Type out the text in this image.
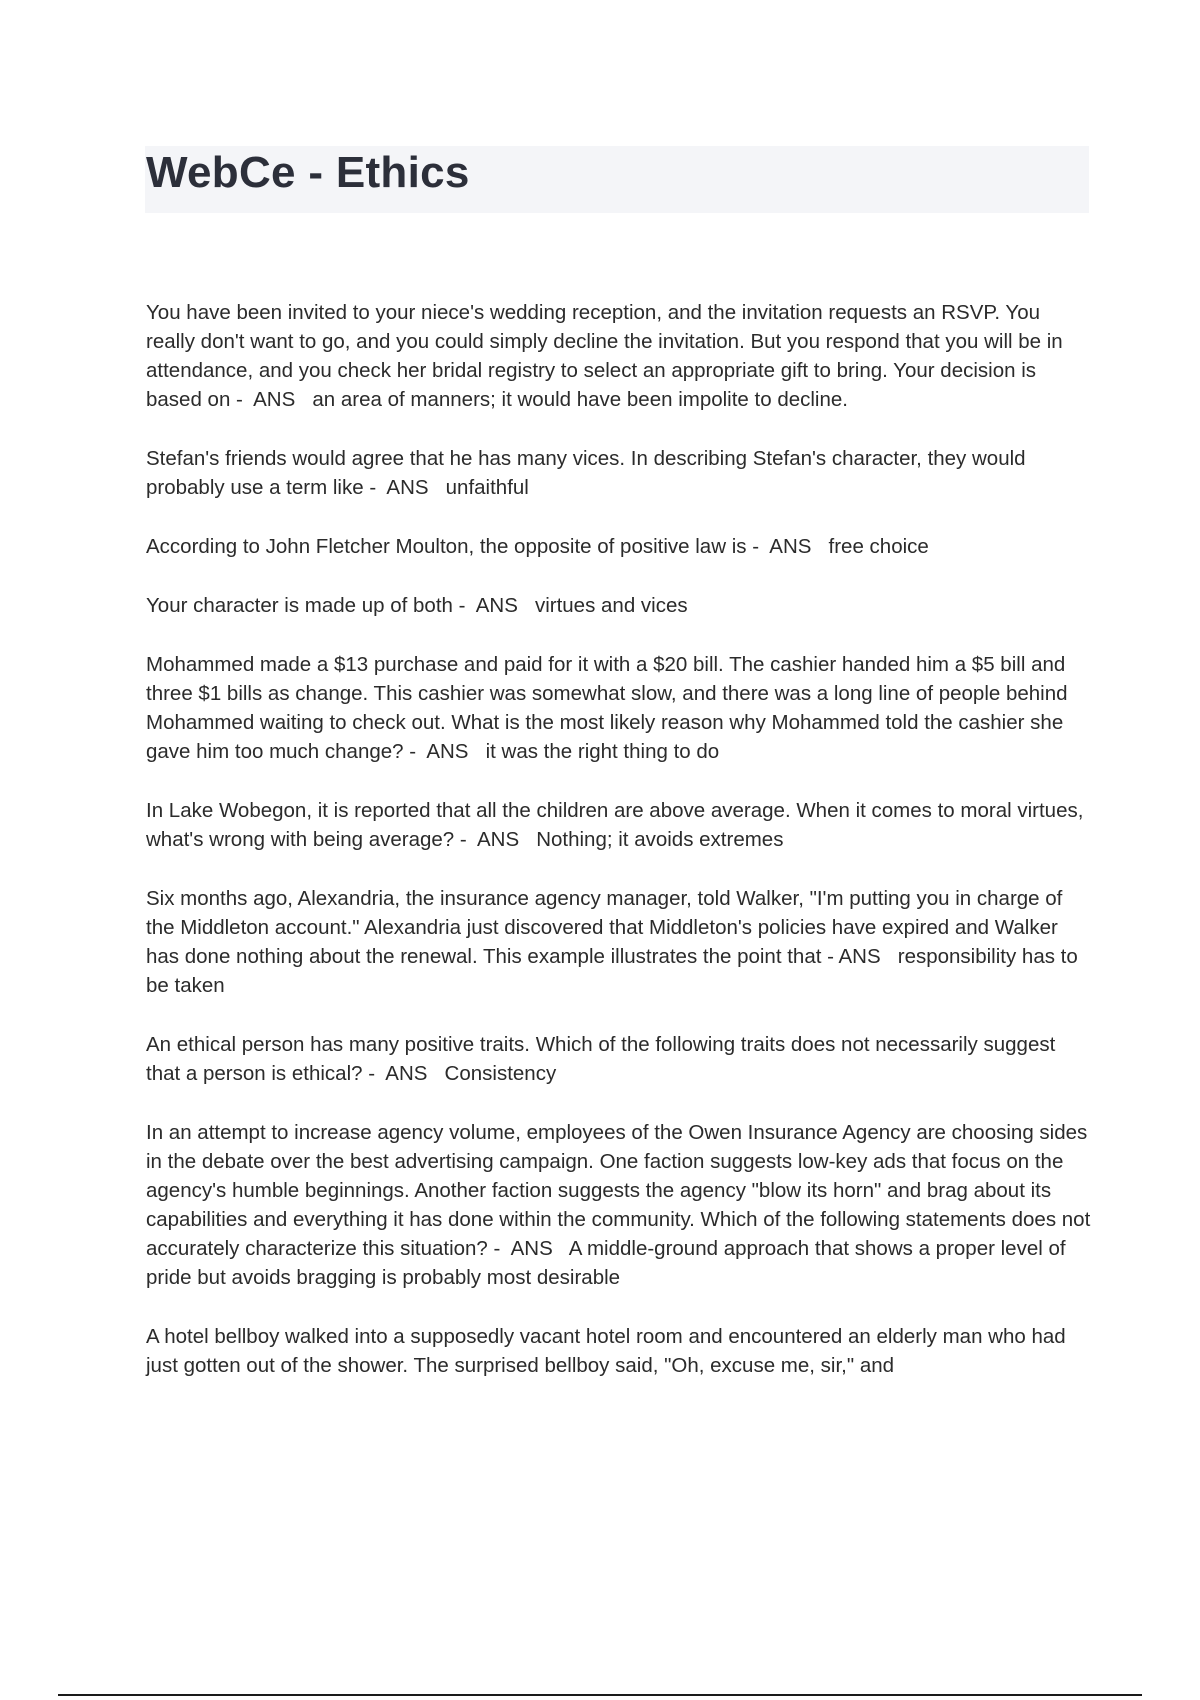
WebCe - Ethics

You have been invited to your niece's wedding reception, and the invitation requests an RSVP. You really don't want to go, and you could simply decline the invitation. But you respond that you will be in attendance, and you check her bridal registry to select an appropriate gift to bring. Your decision is based on -  ANS   an area of manners; it would have been impolite to decline.

Stefan's friends would agree that he has many vices. In describing Stefan's character, they would probably use a term like -  ANS   unfaithful

According to John Fletcher Moulton, the opposite of positive law is -  ANS   free choice

Your character is made up of both -  ANS   virtues and vices

Mohammed made a $13 purchase and paid for it with a $20 bill. The cashier handed him a $5 bill and three $1 bills as change. This cashier was somewhat slow, and there was a long line of people behind Mohammed waiting to check out. What is the most likely reason why Mohammed told the cashier she gave him too much change? -  ANS   it was the right thing to do

In Lake Wobegon, it is reported that all the children are above average. When it comes to moral virtues, what's wrong with being average? -  ANS   Nothing; it avoids extremes

Six months ago, Alexandria, the insurance agency manager, told Walker, "I'm putting you in charge of the Middleton account." Alexandria just discovered that Middleton's policies have expired and Walker has done nothing about the renewal. This example illustrates the point that - ANS   responsibility has to be taken

An ethical person has many positive traits. Which of the following traits does not necessarily suggest that a person is ethical? -  ANS   Consistency

In an attempt to increase agency volume, employees of the Owen Insurance Agency are choosing sides in the debate over the best advertising campaign. One faction suggests low-key ads that focus on the agency's humble beginnings. Another faction suggests the agency "blow its horn" and brag about its capabilities and everything it has done within the community. Which of the following statements does not accurately characterize this situation? -  ANS   A middle-ground approach that shows a proper level of pride but avoids bragging is probably most desirable

A hotel bellboy walked into a supposedly vacant hotel room and encountered an elderly man who had just gotten out of the shower. The surprised bellboy said, "Oh, excuse me, sir," and
